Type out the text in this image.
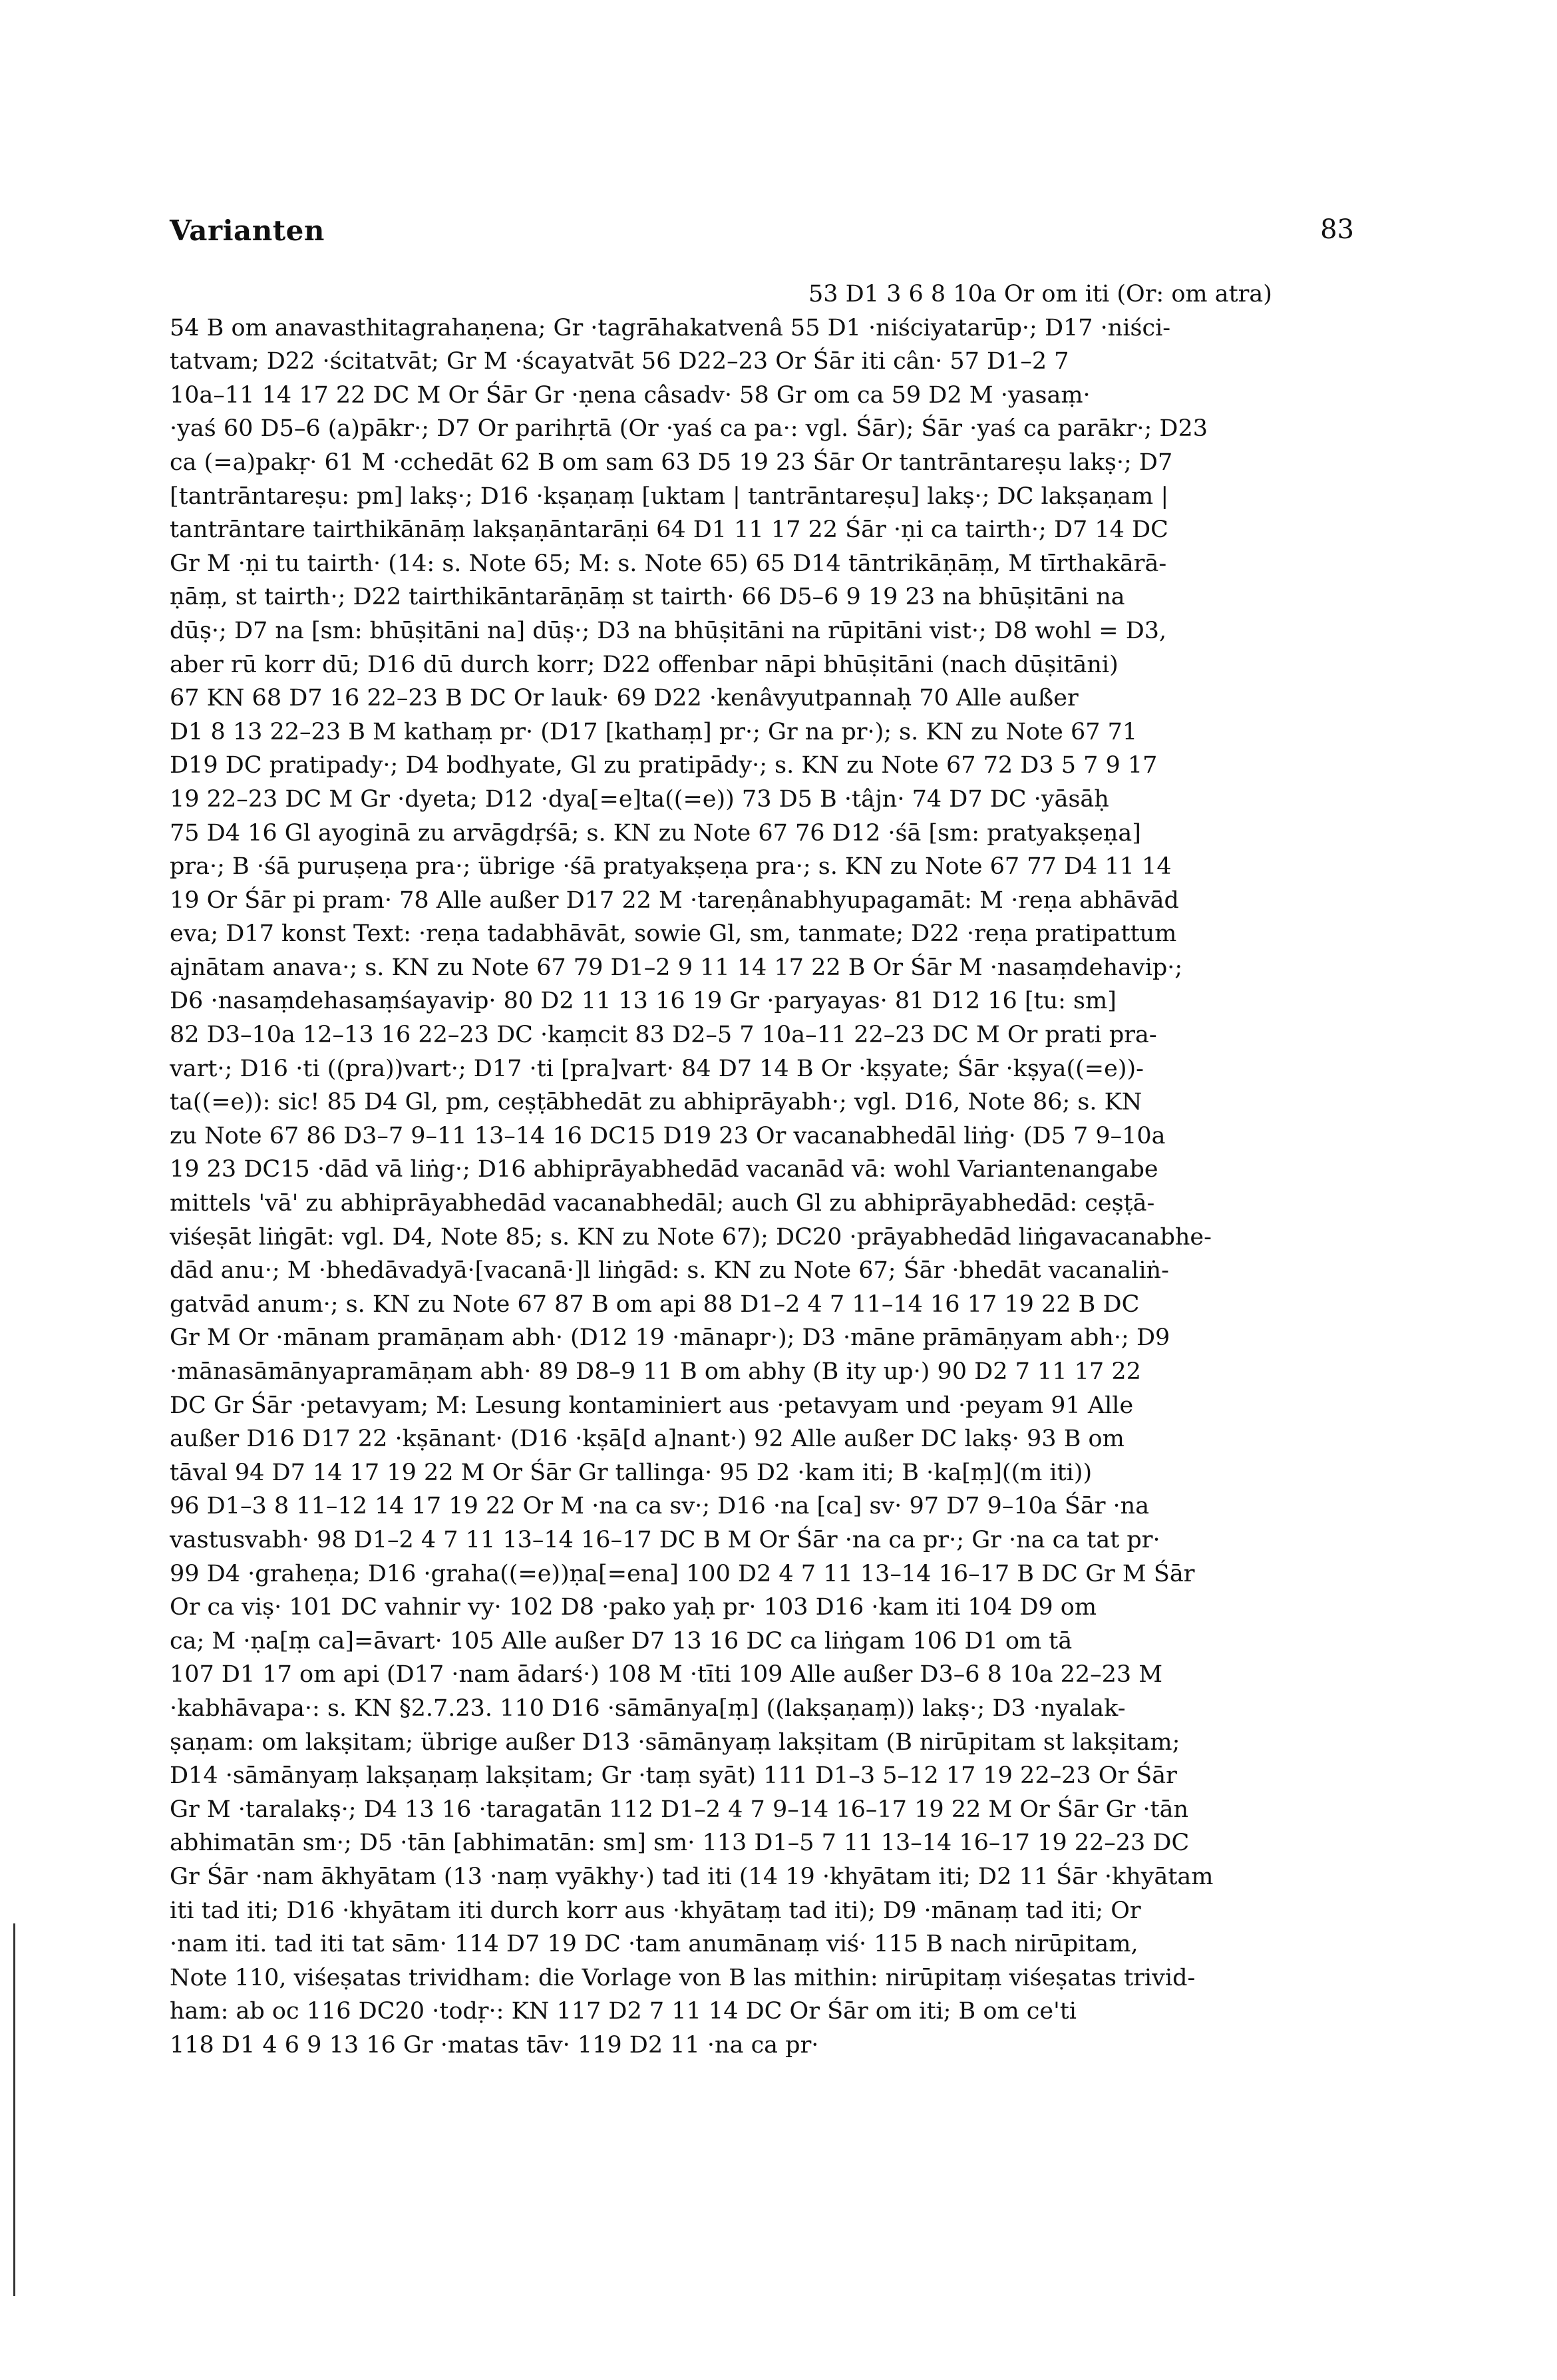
Varianten	83
53 D1 3 6 8 10a Or om iti (Or: om atra)
54 B om anavasthitagrahaṇena; Gr ·tagrāhakatvenâ 55 D1 ·niściyatarūp·; D17 ·niści-
tatvam; D22 ·ścitatvāt; Gr M ·ścayatvāt 56 D22–23 Or Śār iti cân· 57 D1–2 7
10a–11 14 17 22 DC M Or Śār Gr ·ṇena câsadv· 58 Gr om ca 59 D2 M ·yasaṃ·
·yaś 60 D5–6 (a)pākr·; D7 Or parihṛtā (Or ·yaś ca pa·: vgl. Śār); Śār ·yaś ca parākr·; D23
ca (=a)pakṛ· 61 M ·cchedāt 62 B om sam 63 D5 19 23 Śār Or tantrāntareṣu lakṣ·; D7
[tantrāntareṣu: pm] lakṣ·; D16 ·kṣaṇaṃ [uktam | tantrāntareṣu] lakṣ·; DC lakṣaṇam |
tantrāntare tairthikānāṃ lakṣaṇāntarāṇi 64 D1 11 17 22 Śār ·ṇi ca tairth·; D7 14 DC
Gr M ·ṇi tu tairth· (14: s. Note 65; M: s. Note 65) 65 D14 tāntrikāṇāṃ, M tīrthakārā-
ṇāṃ, st tairth·; D22 tairthikāntarāṇāṃ st tairth· 66 D5–6 9 19 23 na bhūṣitāni na
dūṣ·; D7 na [sm: bhūṣitāni na] dūṣ·; D3 na bhūṣitāni na rūpitāni vist·; D8 wohl = D3,
aber rū korr dū; D16 dū durch korr; D22 offenbar nāpi bhūṣitāni (nach dūṣitāni)
67 KN 68 D7 16 22–23 B DC Or lauk· 69 D22 ·kenâvyutpannaḥ 70 Alle außer
D1 8 13 22–23 B M kathaṃ pr· (D17 [kathaṃ] pr·; Gr na pr·); s. KN zu Note 67 71
D19 DC pratipady·; D4 bodhyate, Gl zu pratipādy·; s. KN zu Note 67 72 D3 5 7 9 17
19 22–23 DC M Gr ·dyeta; D12 ·dya[=e]ta((=e)) 73 D5 B ·tâjn· 74 D7 DC ·yāsāḥ
75 D4 16 Gl ayoginā zu arvāgdṛśā; s. KN zu Note 67 76 D12 ·śā [sm: pratyakṣeṇa]
pra·; B ·śā puruṣeṇa pra·; übrige ·śā pratyakṣeṇa pra·; s. KN zu Note 67 77 D4 11 14
19 Or Śār pi pram· 78 Alle außer D17 22 M ·tareṇânabhyupagamāt: M ·reṇa abhāvād
eva; D17 konst Text: ·reṇa tadabhāvāt, sowie Gl, sm, tanmate; D22 ·reṇa pratipattum
ajnātam anava·; s. KN zu Note 67 79 D1–2 9 11 14 17 22 B Or Śār M ·nasaṃdehavip·;
D6 ·nasaṃdehasaṃśayavip· 80 D2 11 13 16 19 Gr ·paryayas· 81 D12 16 [tu: sm]
82 D3–10a 12–13 16 22–23 DC ·kaṃcit 83 D2–5 7 10a–11 22–23 DC M Or prati pra-
vart·; D16 ·ti ((pra))vart·; D17 ·ti [pra]vart· 84 D7 14 B Or ·kṣyate; Śār ·kṣya((=e))-
ta((=e)): sic! 85 D4 Gl, pm, ceṣṭābhedāt zu abhiprāyabh·; vgl. D16, Note 86; s. KN
zu Note 67 86 D3–7 9–11 13–14 16 DC15 D19 23 Or vacanabhedāl liṅg· (D5 7 9–10a
19 23 DC15 ·dād vā liṅg·; D16 abhiprāyabhedād vacanād vā: wohl Variantenangabe
mittels 'vā' zu abhiprāyabhedād vacanabhedāl; auch Gl zu abhiprāyabhedād: ceṣṭā-
viśeṣāt liṅgāt: vgl. D4, Note 85; s. KN zu Note 67); DC20 ·prāyabhedād liṅgavacanabhe-
dād anu·; M ·bhedāvadyā·[vacanā·]l liṅgād: s. KN zu Note 67; Śār ·bhedāt vacanaliṅ-
gatvād anum·; s. KN zu Note 67 87 B om api 88 D1–2 4 7 11–14 16 17 19 22 B DC
Gr M Or ·mānam pramāṇam abh· (D12 19 ·mānapr·); D3 ·māne prāmāṇyam abh·; D9
·mānasāmānyapramāṇam abh· 89 D8–9 11 B om abhy (B ity up·) 90 D2 7 11 17 22
DC Gr Śār ·petavyam; M: Lesung kontaminiert aus ·petavyam und ·peyam 91 Alle
außer D16 D17 22 ·kṣānant· (D16 ·kṣā[d a]nant·) 92 Alle außer DC lakṣ· 93 B om
tāval 94 D7 14 17 19 22 M Or Śār Gr tallinga· 95 D2 ·kam iti; B ·ka[ṃ]((m iti))
96 D1–3 8 11–12 14 17 19 22 Or M ·na ca sv·; D16 ·na [ca] sv· 97 D7 9–10a Śār ·na
vastusvabh· 98 D1–2 4 7 11 13–14 16–17 DC B M Or Śār ·na ca pr·; Gr ·na ca tat pr·
99 D4 ·graheṇa; D16 ·graha((=e))ṇa[=ena] 100 D2 4 7 11 13–14 16–17 B DC Gr M Śār
Or ca viṣ· 101 DC vahnir vy· 102 D8 ·pako yaḥ pr· 103 D16 ·kam iti 104 D9 om
ca; M ·ṇa[ṃ ca]=āvart· 105 Alle außer D7 13 16 DC ca liṅgam 106 D1 om tā
107 D1 17 om api (D17 ·nam ādarś·) 108 M ·tīti 109 Alle außer D3–6 8 10a 22–23 M
·kabhāvapa·: s. KN §2.7.23. 110 D16 ·sāmānya[ṃ] ((lakṣaṇaṃ)) lakṣ·; D3 ·nyalak-
ṣaṇam: om lakṣitam; übrige außer D13 ·sāmānyaṃ lakṣitam (B nirūpitam st lakṣitam;
D14 ·sāmānyaṃ lakṣaṇaṃ lakṣitam; Gr ·taṃ syāt) 111 D1–3 5–12 17 19 22–23 Or Śār
Gr M ·taralakṣ·; D4 13 16 ·taragatān 112 D1–2 4 7 9–14 16–17 19 22 M Or Śār Gr ·tān
abhimatān sm·; D5 ·tān [abhimatān: sm] sm· 113 D1–5 7 11 13–14 16–17 19 22–23 DC
Gr Śār ·nam ākhyātam (13 ·naṃ vyākhy·) tad iti (14 19 ·khyātam iti; D2 11 Śār ·khyātam
iti tad iti; D16 ·khyātam iti durch korr aus ·khyātaṃ tad iti); D9 ·mānaṃ tad iti; Or
·nam iti. tad iti tat sām· 114 D7 19 DC ·tam anumānaṃ viś· 115 B nach nirūpitam,
Note 110, viśeṣatas trividham: die Vorlage von B las mithin: nirūpitaṃ viśeṣatas trivid-
ham: ab oc 116 DC20 ·todṛ·: KN 117 D2 7 11 14 DC Or Śār om iti; B om ce'ti
118 D1 4 6 9 13 16 Gr ·matas tāv· 119 D2 11 ·na ca pr·
